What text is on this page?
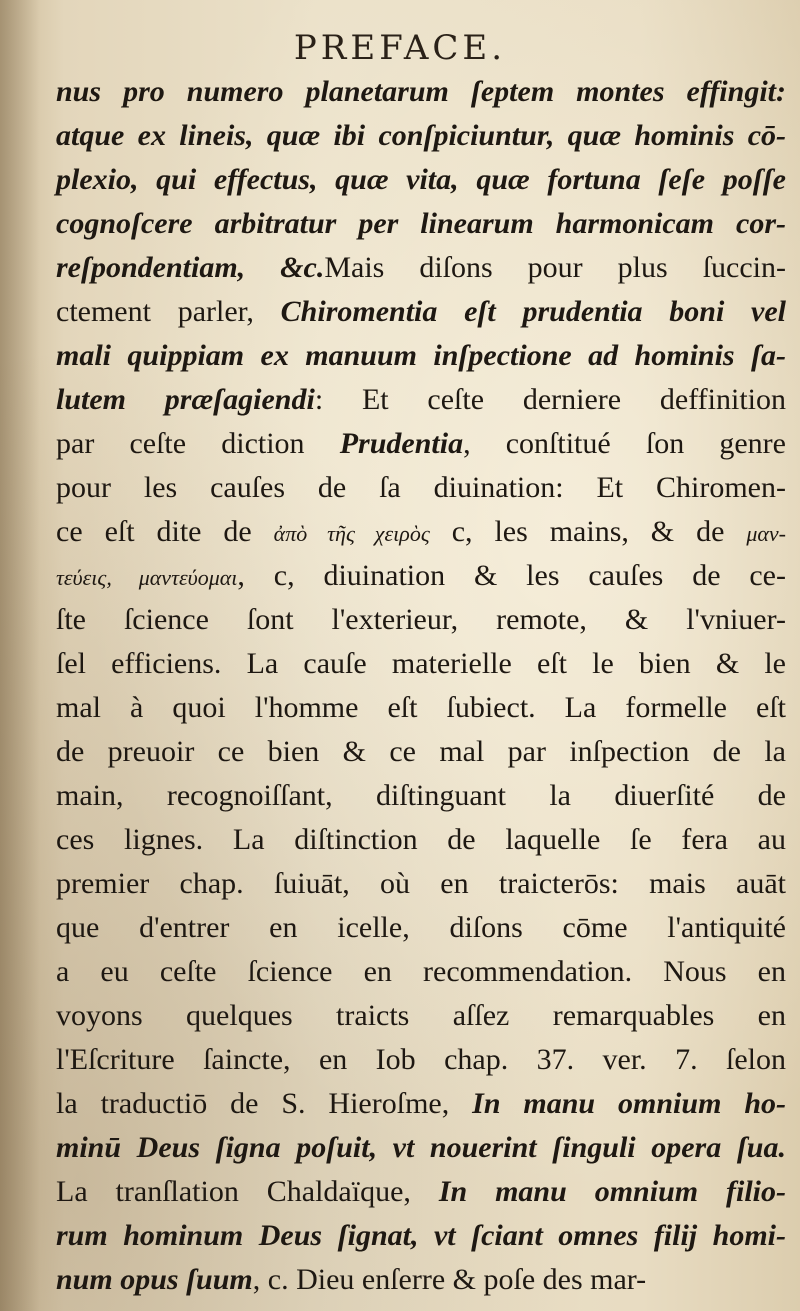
PREFACE.
nus pro numero planetarum ſeptem montes effingit:
atque ex lineis, quæ ibi conſpiciuntur, quæ hominis cō-
plexio, qui effectus, quæ vita, quæ fortuna ſeſe poſſe
cognoſcere arbitratur per linearum harmonicam cor-
reſpondentiam, &c.Mais diſons pour plus ſuccin-
ctement parler, Chiromentia eſt prudentia boni vel
mali quippiam ex manuum inſpectione ad hominis ſa-
lutem præſagiendi: Et ceſte derniere deffinition
par ceſte diction Prudentia, conſtitué ſon genre
pour les cauſes de ſa diuination: Et Chiromen-
ce eſt dite de ἀπὸ τῆς χειρὸς c, les mains, & de μαν-
τεύεις, μαντεύομαι, c, diuination & les cauſes de ce-
ſte ſcience ſont l'exterieur, remote, & l'vniuer-
ſel efficiens. La cauſe materielle eſt le bien & le
mal à quoi l'homme eſt ſubiect. La formelle eſt
de preuoir ce bien & ce mal par inſpection de la
main, recognoiſſant, diſtinguant la diuerſité de
ces lignes. La diſtinction de laquelle ſe fera au
premier chap. ſuiuāt, où en traicterōs: mais auāt
que d'entrer en icelle, diſons cōme l'antiquité
a eu ceſte ſcience en recommendation. Nous en
voyons quelques traicts aſſez remarquables en
l'Eſcriture ſaincte, en Iob chap. 37. ver. 7. ſelon
la traductiō de S. Hieroſme, In manu omnium ho-
minū Deus ſigna poſuit, vt nouerint ſinguli opera ſua.
La tranſlation Chaldaïque, In manu omnium filio-
rum hominum Deus ſignat, vt ſciant omnes filij homi-
num opus ſuum, c. Dieu enſerre & poſe des mar-
